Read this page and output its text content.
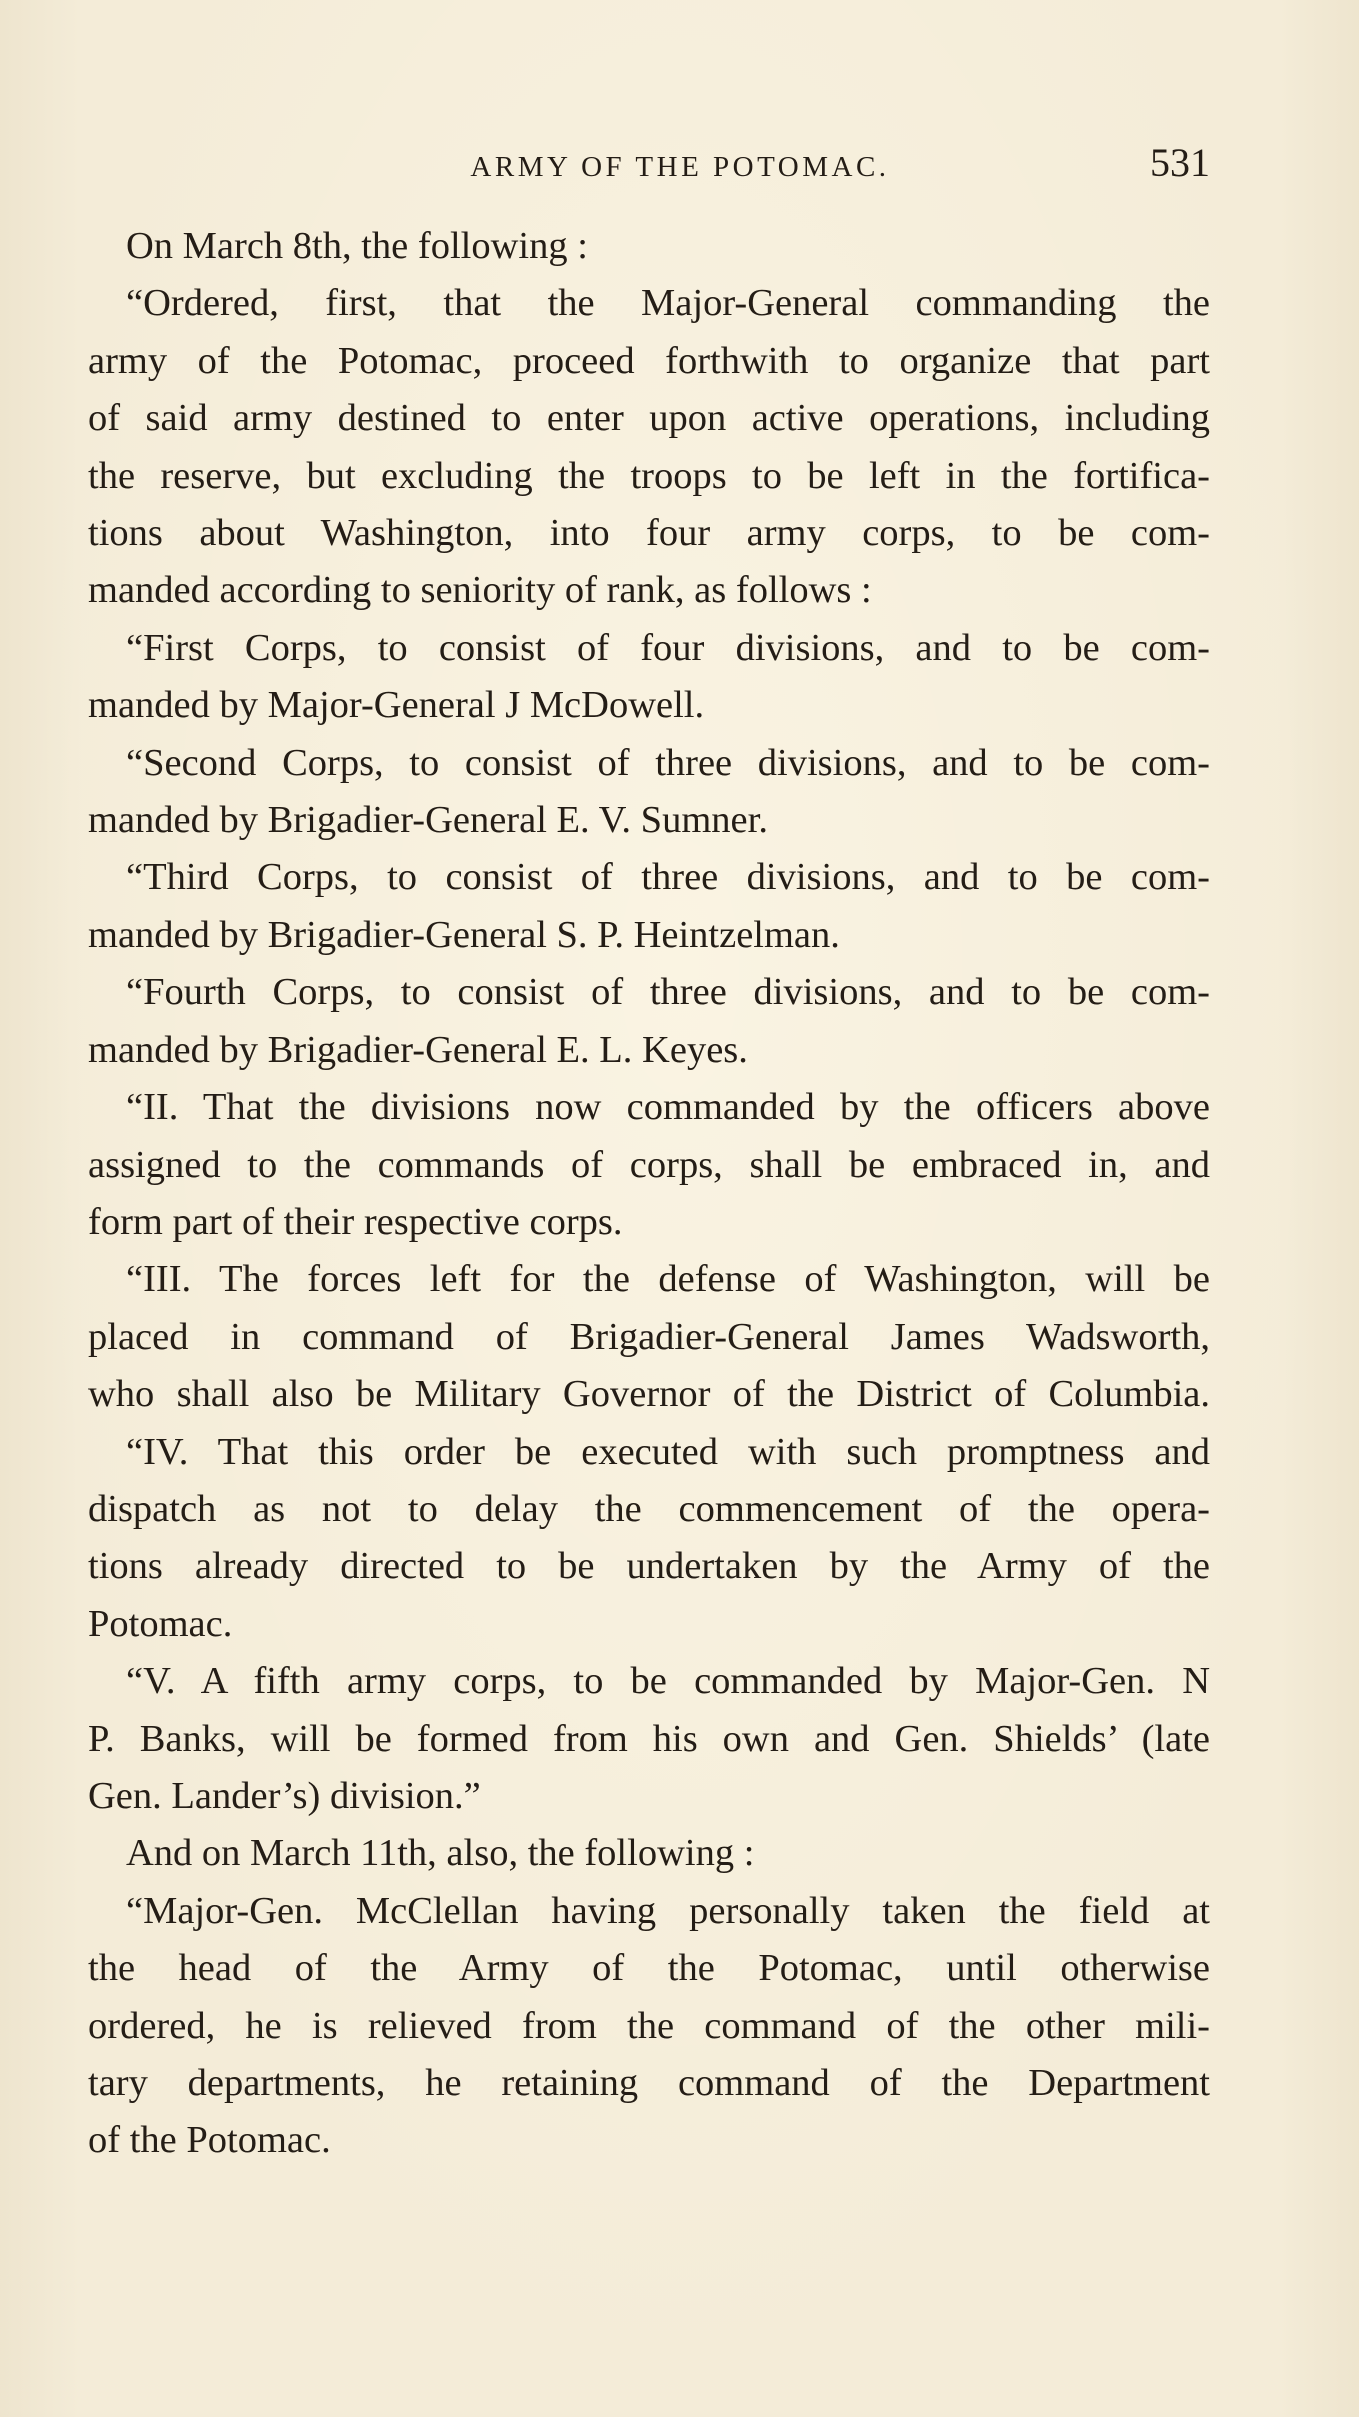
ARMY OF THE POTOMAC.	531

On March 8th, the following :

“Ordered, first, that the Major-General commanding the

army of the Potomac, proceed forthwith to organize that part

of said army destined to enter upon active operations, including

the reserve, but excluding the troops to be left in the fortifica-

tions about Washington, into four army corps, to be com-

manded according to seniority of rank, as follows :

“First Corps, to consist of four divisions, and to be com-

manded by Major-General J McDowell.

“Second Corps, to consist of three divisions, and to be com-

manded by Brigadier-General E. V. Sumner.

“Third Corps, to consist of three divisions, and to be com-

manded by Brigadier-General S. P. Heintzelman.

“Fourth Corps, to consist of three divisions, and to be com-

manded by Brigadier-General E. L. Keyes.

“II. That the divisions now commanded by the officers above

assigned to the commands of corps, shall be embraced in, and

form part of their respective corps.

“III. The forces left for the defense of Washington, will be

placed in command of Brigadier-General James Wadsworth,

who shall also be Military Governor of the District of Columbia.

“IV. That this order be executed with such promptness and

dispatch as not to delay the commencement of the opera-

tions already directed to be undertaken by the Army of the

Potomac.

“V. A fifth army corps, to be commanded by Major-Gen. N

P. Banks, will be formed from his own and Gen. Shields’ (late

Gen. Lander’s) division.”

And on March 11th, also, the following :

“Major-Gen. McClellan having personally taken the field at

the head of the Army of the Potomac, until otherwise

ordered, he is relieved from the command of the other mili-

tary departments, he retaining command of the Department

of the Potomac.
